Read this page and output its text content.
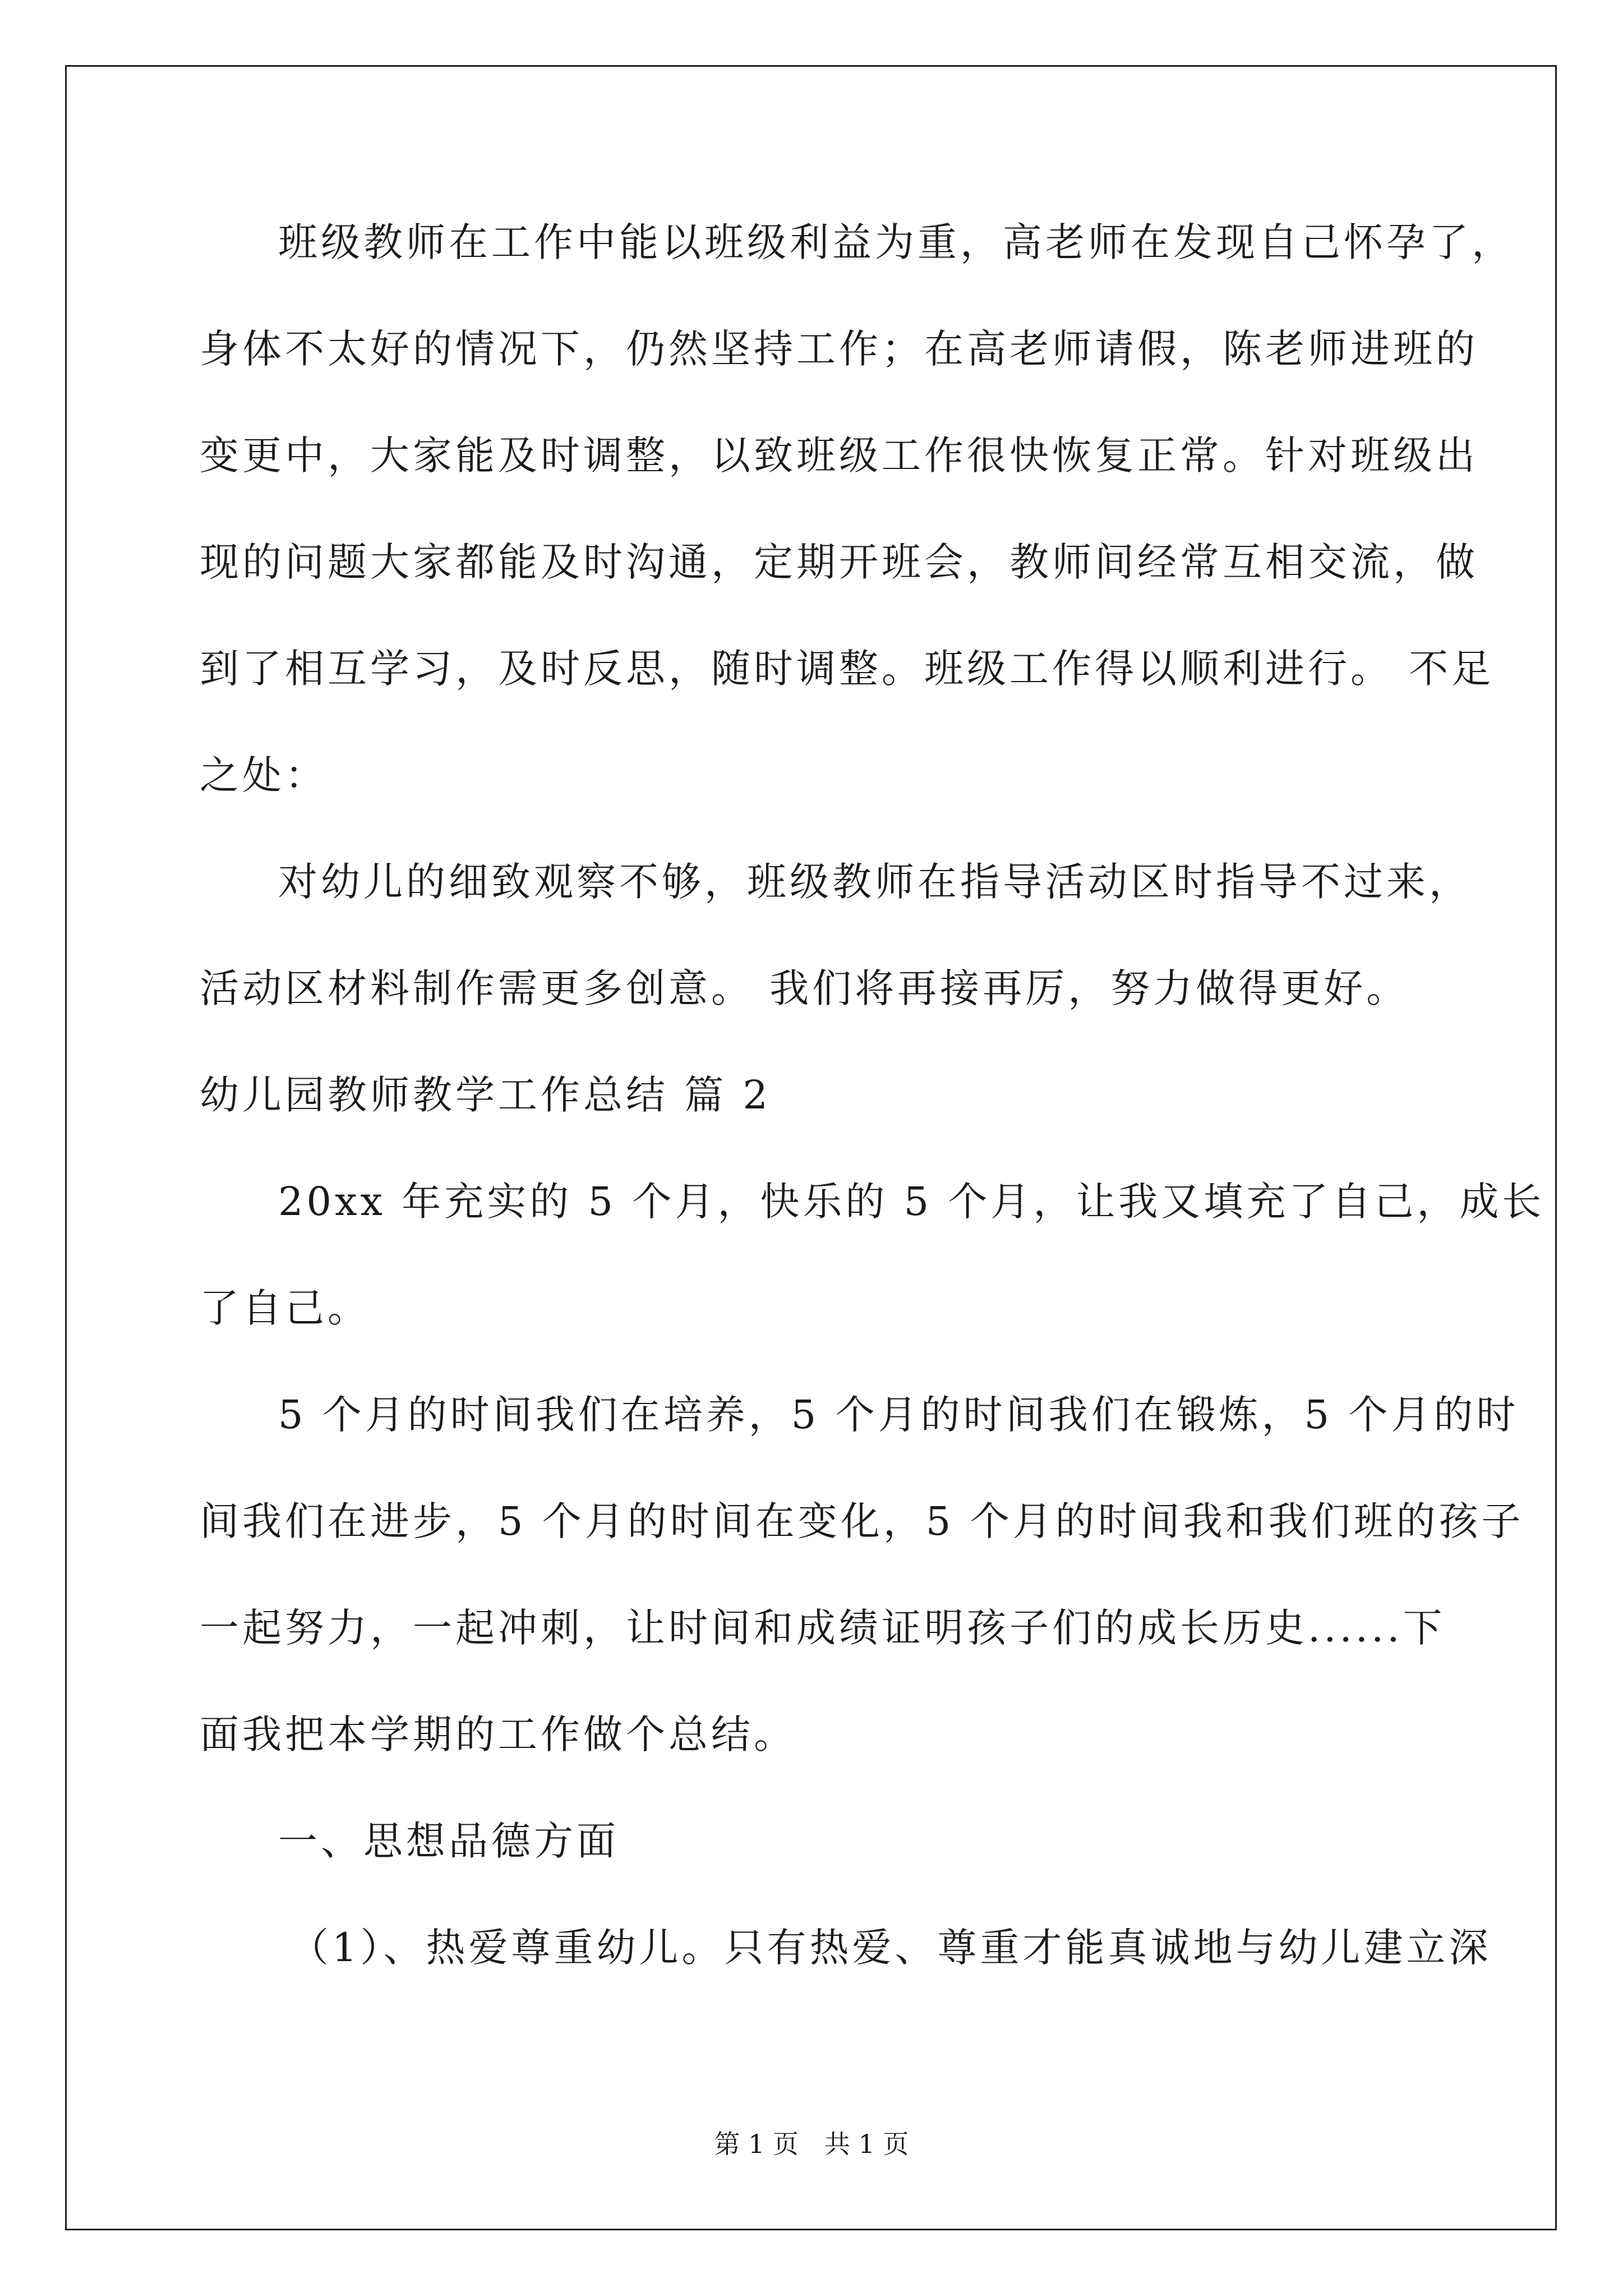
班级教师在工作中能以班级利益为重，高老师在发现自己怀孕了，
身体不太好的情况下，仍然坚持工作；在高老师请假，陈老师进班的
变更中，大家能及时调整，以致班级工作很快恢复正常。针对班级出
现的问题大家都能及时沟通，定期开班会，教师间经常互相交流，做
到了相互学习，及时反思，随时调整。班级工作得以顺利进行。 不足
之处：
对幼儿的细致观察不够，班级教师在指导活动区时指导不过来，
活动区材料制作需更多创意。 我们将再接再厉，努力做得更好。
幼儿园教师教学工作总结 篇 2
20xx 年充实的 5 个月，快乐的 5 个月，让我又填充了自己，成长
了自己。
5 个月的时间我们在培养，5 个月的时间我们在锻炼，5 个月的时
间我们在进步，5 个月的时间在变化，5 个月的时间我和我们班的孩子
一起努力，一起冲刺，让时间和成绩证明孩子们的成长历史......下
面我把本学期的工作做个总结。
一、思想品德方面
（1）、热爱尊重幼儿。只有热爱、尊重才能真诚地与幼儿建立深
第 1 页　共 1 页
